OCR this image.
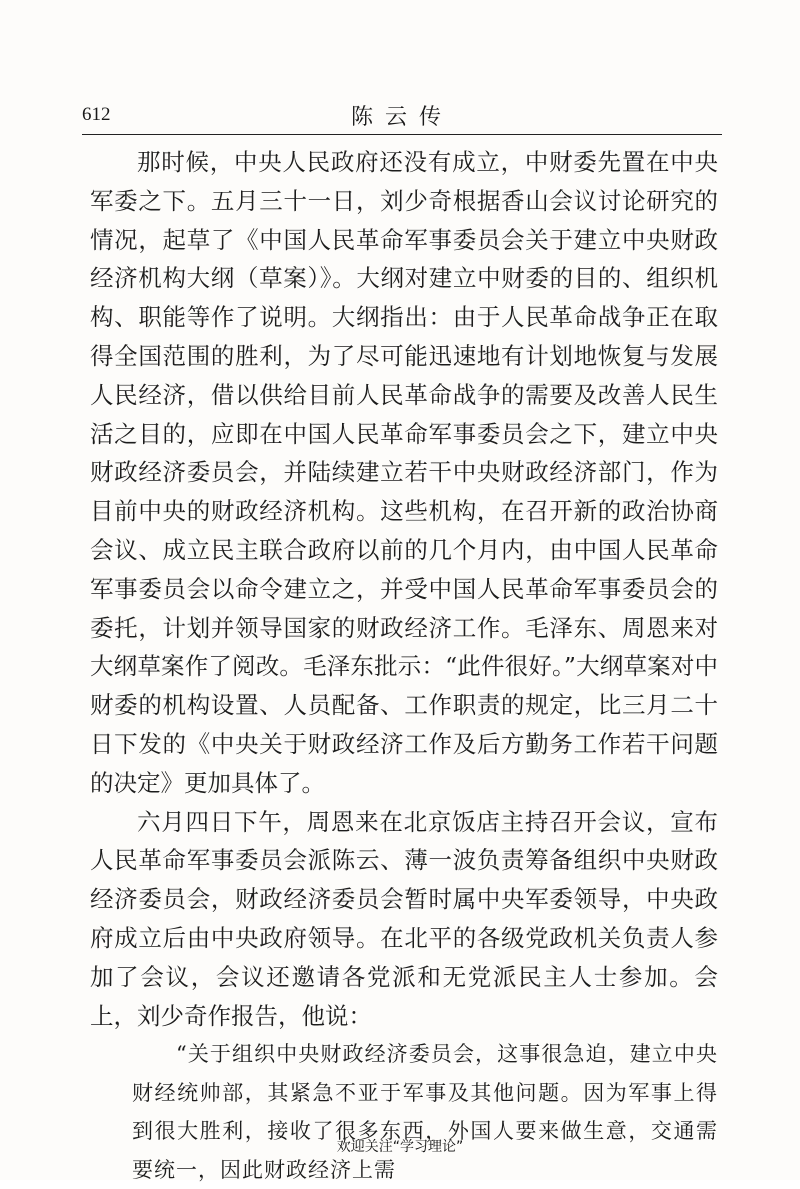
612	陈云传

那时候，中央人民政府还没有成立，中财委先置在中央军委之下。五月三十一日，刘少奇根据香山会议讨论研究的情况，起草了《中国人民革命军事委员会关于建立中央财政经济机构大纲（草案）》。大纲对建立中财委的目的、组织机构、职能等作了说明。大纲指出：由于人民革命战争正在取得全国范围的胜利，为了尽可能迅速地有计划地恢复与发展人民经济，借以供给目前人民革命战争的需要及改善人民生活之目的，应即在中国人民革命军事委员会之下，建立中央财政经济委员会，并陆续建立若干中央财政经济部门，作为目前中央的财政经济机构。这些机构，在召开新的政治协商会议、成立民主联合政府以前的几个月内，由中国人民革命军事委员会以命令建立之，并受中国人民革命军事委员会的委托，计划并领导国家的财政经济工作。毛泽东、周恩来对大纲草案作了阅改。毛泽东批示：“此件很好。”大纲草案对中财委的机构设置、人员配备、工作职责的规定，比三月二十日下发的《中央关于财政经济工作及后方勤务工作若干问题的决定》更加具体了。

六月四日下午，周恩来在北京饭店主持召开会议，宣布人民革命军事委员会派陈云、薄一波负责筹备组织中央财政经济委员会，财政经济委员会暂时属中央军委领导，中央政府成立后由中央政府领导。在北平的各级党政机关负责人参加了会议，会议还邀请各党派和无党派民主人士参加。会上，刘少奇作报告，他说：

“关于组织中央财政经济委员会，这事很急迫，建立中央财经统帅部，其紧急不亚于军事及其他问题。因为军事上得到很大胜利，接收了很多东西，外国人要来做生意，交通需要统一，因此财政经济上需

欢迎关注“学习理论”
